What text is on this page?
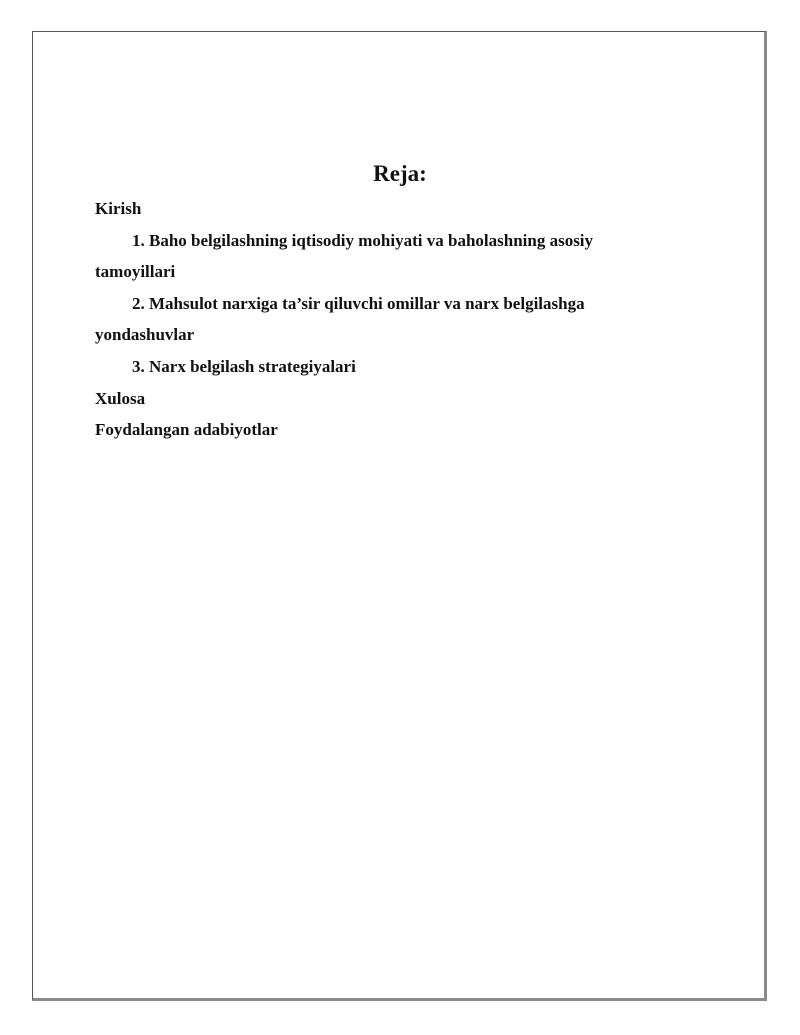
Reja:

Kirish

1. Baho belgilashning iqtisodiy mohiyati va baholashning asosiy

tamoyillari

2. Mahsulot narxiga ta’sir qiluvchi omillar va narx belgilashga

yondashuvlar

3. Narx belgilash strategiyalari

Xulosa

Foydalangan adabiyotlar
